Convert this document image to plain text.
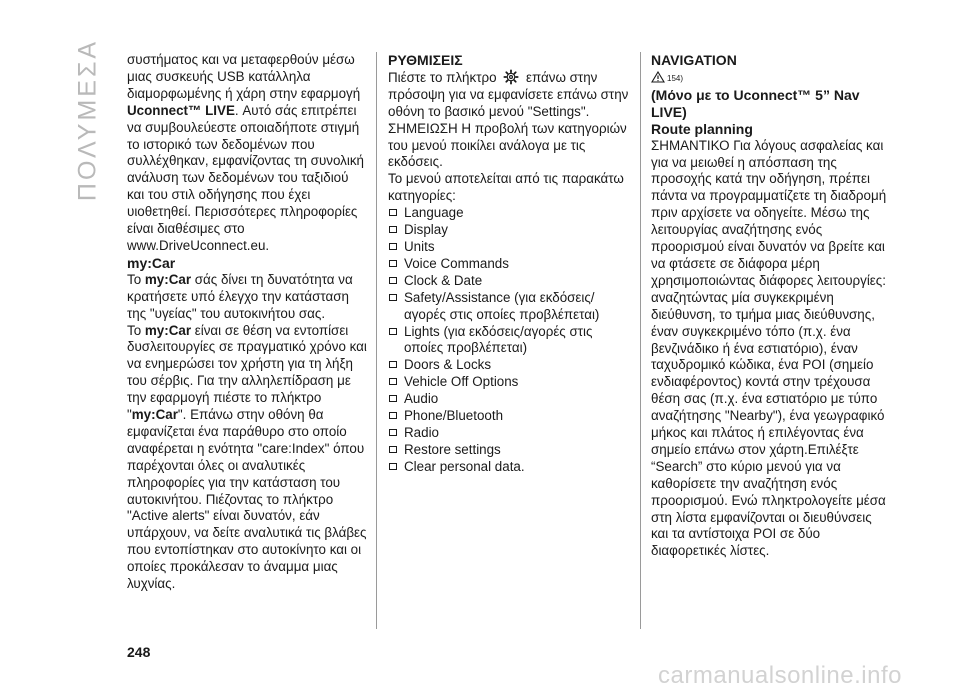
ΠΟΛΥΜΕΣΑ συστήματος και να μεταφερθούν μέσω μιας συσκευής USB κατάλληλα διαμορφωμένης ή χάρη στην εφαρμογή Uconnect™ LIVE. Αυτό σάς επιτρέπει να συμβουλεύεστε οποιαδήποτε στιγμή το ιστορικό των δεδομένων που συλλέχθηκαν, εμφανίζοντας τη συνολική ανάλυση των δεδομένων του ταξιδιού και του στιλ οδήγησης που έχει υιοθετηθεί. Περισσότερες πληροφορίες είναι διαθέσιμες στο www.DriveUconnect.eu.

my:Car

Το my:Car σάς δίνει τη δυνατότητα να κρατήσετε υπό έλεγχο την κατάσταση της "υγείας" του αυτοκινήτου σας.

Το my:Car είναι σε θέση να εντοπίσει δυσλειτουργίες σε πραγματικό χρόνο και να ενημερώσει τον χρήστη για τη λήξη του σέρβις. Για την αλληλεπίδραση με την εφαρμογή πιέστε το πλήκτρο "my:Car". Επάνω στην οθόνη θα εμφανίζεται ένα παράθυρο στο οποίο αναφέρεται η ενότητα "care:Index" όπου παρέχονται όλες οι αναλυτικές πληροφορίες για την κατάσταση του αυτοκινήτου. Πιέζοντας το πλήκτρο "Active alerts" είναι δυνατόν, εάν υπάρχουν, να δείτε αναλυτικά τις βλάβες που εντοπίστηκαν στο αυτοκίνητο και οι οποίες προκάλεσαν το άναμμα μιας λυχνίας.

ΡΥΘΜΙΣΕΙΣ

Πιέστε το πλήκτρο επάνω στην πρόσοψη για να εμφανίσετε επάνω στην οθόνη το βασικό μενού "Settings".

ΣΗΜΕΙΩΣΗ Η προβολή των κατηγοριών του μενού ποικίλει ανάλογα με τις εκδόσεις.

Το μενού αποτελείται από τις παρακάτω κατηγορίες:

Language
Display
Units
Voice Commands
Clock & Date
Safety/Assistance (για εκδόσεις/αγορές στις οποίες προβλέπεται)
Lights (για εκδόσεις/αγορές στις οποίες προβλέπεται)
Doors & Locks
Vehicle Off Options
Audio
Phone/Bluetooth
Radio
Restore settings
Clear personal data.

NAVIGATION

154)

(Μόνο με το Uconnect™ 5” Nav LIVE)

Route planning

ΣΗΜΑΝΤΙΚΟ Για λόγους ασφαλείας και για να μειωθεί η απόσπαση της προσοχής κατά την οδήγηση, πρέπει πάντα να προγραμματίζετε τη διαδρομή πριν αρχίσετε να οδηγείτε. Μέσω της λειτουργίας αναζήτησης ενός προορισμού είναι δυνατόν να βρείτε και να φτάσετε σε διάφορα μέρη χρησιμοποιώντας διάφορες λειτουργίες: αναζητώντας μία συγκεκριμένη διεύθυνση, το τμήμα μιας διεύθυνσης, έναν συγκεκριμένο τόπο (π.χ. ένα βενζινάδικο ή ένα εστιατόριο), έναν ταχυδρομικό κώδικα, ένα POI (σημείο ενδιαφέροντος) κοντά στην τρέχουσα θέση σας (π.χ. ένα εστιατόριο με τύπο αναζήτησης "Nearby"), ένα γεωγραφικό μήκος και πλάτος ή επιλέγοντας ένα σημείο επάνω στον χάρτη.Επιλέξτε “Search” στο κύριο μενού για να καθορίσετε την αναζήτηση ενός προορισμού. Ενώ πληκτρολογείτε μέσα στη λίστα εμφανίζονται οι διευθύνσεις και τα αντίστοιχα POI σε δύο διαφορετικές λίστες.

248
carmanualsonline.info
